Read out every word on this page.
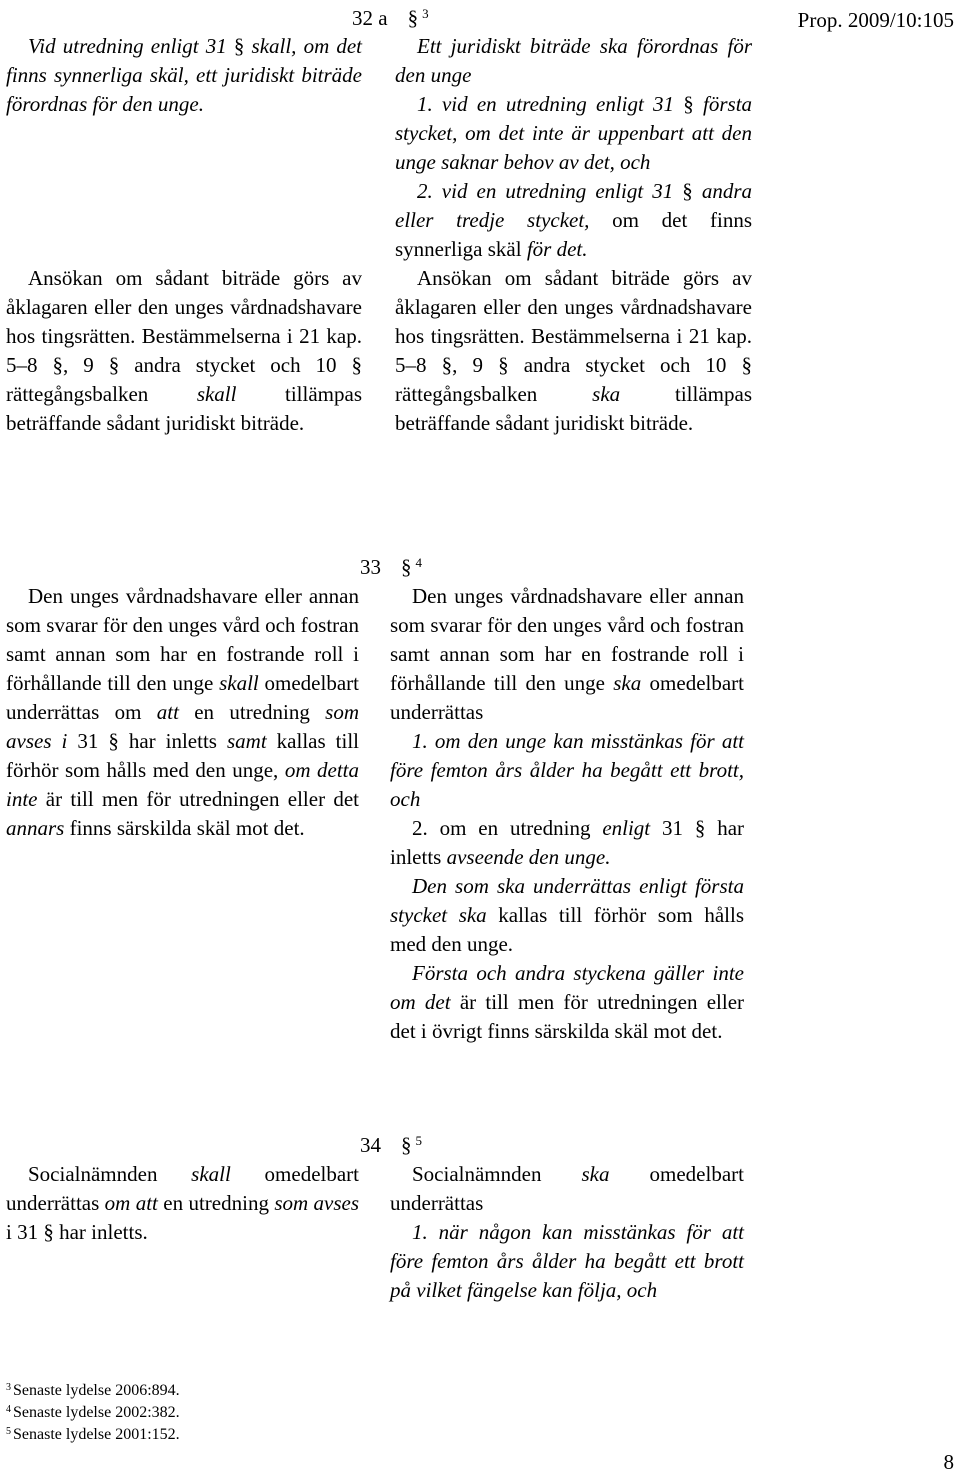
Prop. 2009/10:105
32 a § $^3$

Vid utredning enligt 31 § skall, om det finns synnerliga skäl, ett juridiskt biträde förordnas för den unge.

Ansökan om sådant biträde görs av åklagaren eller den unges vårdnadshavare hos tingsrätten. Bestämmelserna i 21 kap. 5–8 §, 9 § andra stycket och 10 § rättegångsbalken skall tillämpas beträffande sådant juridiskt biträde.

Ett juridiskt biträde ska förordnas för den unge

1. vid en utredning enligt 31 § första stycket, om det inte är uppenbart att den unge saknar behov av det, och

2. vid en utredning enligt 31 § andra eller tredje stycket, om det finns synnerliga skäl för det.

Ansökan om sådant biträde görs av åklagaren eller den unges vårdnadshavare hos tingsrätten. Bestämmelserna i 21 kap. 5–8 §, 9 § andra stycket och 10 § rättegångsbalken	ska	tillämpas beträffande sådant juridiskt biträde.

33 § $^4$

Den unges vårdnadshavare eller annan som svarar för den unges vård och fostran samt annan som har en fostrande roll i förhållande till den unge skall omedelbart underrättas om att en utredning som avses i 31 § har inletts samt kallas till förhör som hålls med den unge, om detta inte är till men för utredningen eller det annars finns särskilda skäl mot det.

Den unges vårdnadshavare eller annan som svarar för den unges vård och fostran samt annan som har en fostrande roll i förhållande till den unge ska omedelbart underrättas

1. om den unge kan misstänkas för att före femton års ålder ha begått ett brott, och

2. om en utredning enligt 31 § har inletts avseende den unge.

Den som ska underrättas enligt första stycket ska kallas till förhör som hålls med den unge.

Första och andra styckena gäller inte om det är till men för utredningen eller det i övrigt finns särskilda skäl mot det.

34 § $^5$

Socialnämnden skall omedelbart underrättas om att en utredning som avses i 31 § har inletts.

Socialnämnden ska omedelbart underrättas

1. när någon kan misstänkas för att före femton års ålder ha begått ett brott på vilket fängelse kan följa, och

$^3$ Senaste lydelse 2006:894.
$^4$ Senaste lydelse 2002:382.
$^5$ Senaste lydelse 2001:152.
8
